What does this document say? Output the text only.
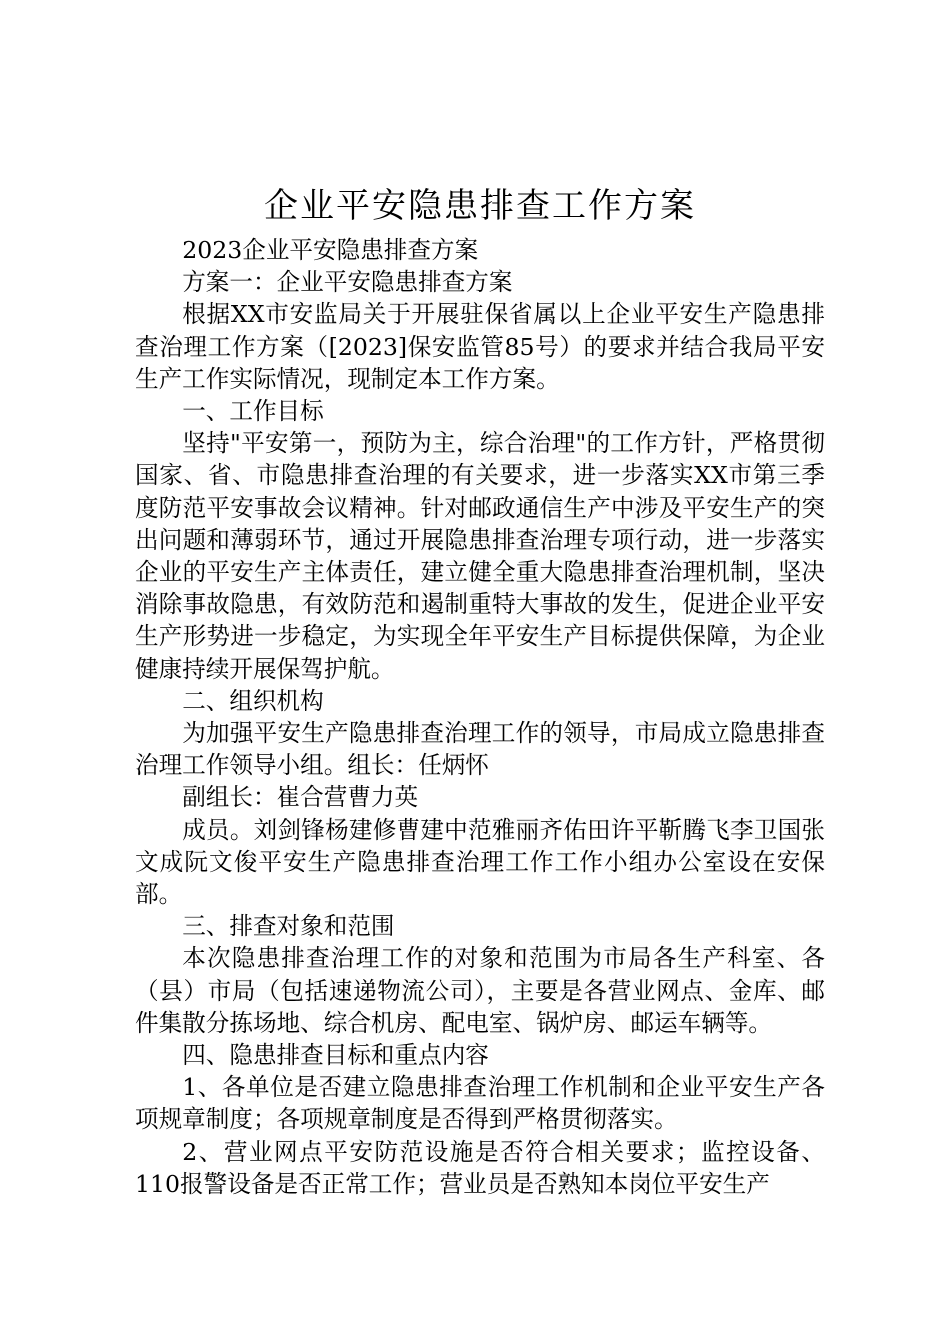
企业平安隐患排查工作方案

2023企业平安隐患排查方案

方案一：企业平安隐患排查方案

根据XX市安监局关于开展驻保省属以上企业平安生产隐患排查治理工作方案（[2023]保安监管85号）的要求并结合我局平安生产工作实际情况，现制定本工作方案。

一、工作目标

坚持"平安第一，预防为主，综合治理"的工作方针，严格贯彻国家、省、市隐患排查治理的有关要求，进一步落实XX市第三季度防范平安事故会议精神。针对邮政通信生产中涉及平安生产的突出问题和薄弱环节，通过开展隐患排查治理专项行动，进一步落实企业的平安生产主体责任，建立健全重大隐患排查治理机制，坚决消除事故隐患，有效防范和遏制重特大事故的发生，促进企业平安生产形势进一步稳定，为实现全年平安生产目标提供保障，为企业健康持续开展保驾护航。

二、组织机构

为加强平安生产隐患排查治理工作的领导，市局成立隐患排查治理工作领导小组。组长：任炳怀

副组长：崔合营曹力英

成员。刘剑锋杨建修曹建中范雅丽齐佑田许平靳腾飞李卫国张文成阮文俊平安生产隐患排查治理工作工作小组办公室设在安保部。

三、排查对象和范围

本次隐患排查治理工作的对象和范围为市局各生产科室、各（县）市局（包括速递物流公司），主要是各营业网点、金库、邮件集散分拣场地、综合机房、配电室、锅炉房、邮运车辆等。

四、隐患排查目标和重点内容

1、各单位是否建立隐患排查治理工作机制和企业平安生产各项规章制度；各项规章制度是否得到严格贯彻落实。

2、营业网点平安防范设施是否符合相关要求；监控设备、110报警设备是否正常工作；营业员是否熟知本岗位平安生产
